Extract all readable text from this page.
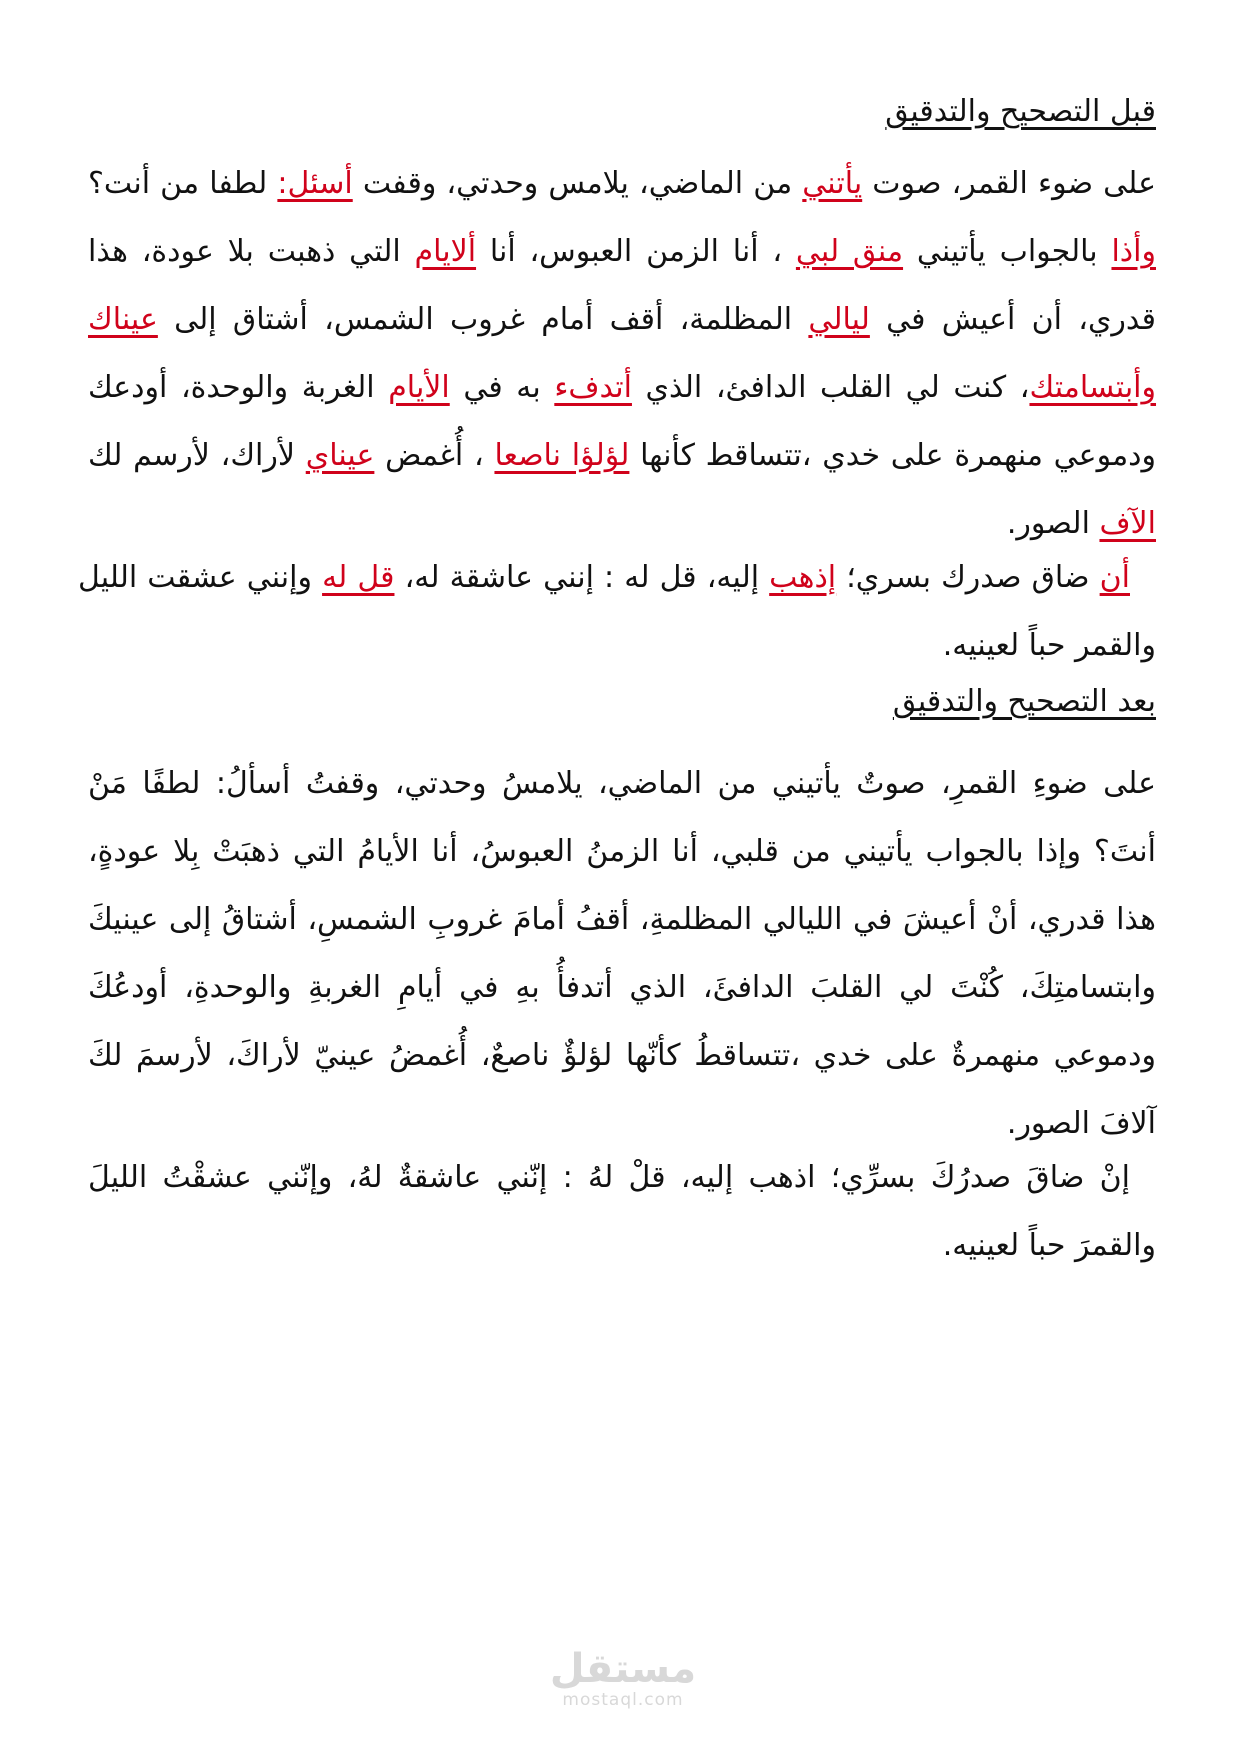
قبل التصحيح والتدقيق
على ضوء القمر، صوت يأتني من الماضي، يلامس وحدتي، وقفت أسئل: لطفا من أنت؟ وأذا بالجواب يأتيني منق لبي ، أنا الزمن العبوس، أنا ألايام التي ذهبت بلا عودة، هذا قدري، أن أعيش في ليالي المظلمة، أقف أمام غروب الشمس، أشتاق إلى عيناك وأبتسامتك، كنت لي القلب الدافئ، الذي أتدفء به في الأيام الغربة والوحدة، أودعك ودموعي منهمرة على خدي ،تتساقط كأنها لؤلؤا ناصعا ، أُغمض عيناي لأراك، لأرسم لك الآف الصور.
أن ضاق صدرك بسري؛ إذهب إليه، قل له : إنني عاشقة له، قل له وإنني عشقت الليل والقمر حباً لعينيه.
بعد التصحيح والتدقيق
على ضوءِ القمرِ، صوتٌ يأتيني من الماضي، يلامسُ وحدتي، وقفتُ أسألُ: لطفًا مَنْ أنتَ؟ وإذا بالجواب يأتيني من قلبي، أنا الزمنُ العبوسُ، أنا الأيامُ التي ذهبَتْ بِلا عودةٍ، هذا قدري، أنْ أعيشَ في الليالي المظلمةِ، أقفُ أمامَ غروبِ الشمسِ، أشتاقُ إلى عينيكَ وابتسامتِكَ، كُنْتَ لي القلبَ الدافئَ، الذي أتدفأُ بهِ في أيامِ الغربةِ والوحدةِ، أودعُكَ ودموعي منهمرةٌ على خدي ،تتساقطُ كأنّها لؤلؤٌ ناصعٌ، أُغمضُ عينيّ لأراكَ، لأرسمَ لكَ آلافَ الصور.
إنْ ضاقَ صدرُكَ بسرِّي؛ اذهب إليه، قلْ لهُ : إنّني عاشقةٌ لهُ، وإنّني عشقْتُ الليلَ والقمرَ حباً لعينيه.
مستقل
mostaql.com
